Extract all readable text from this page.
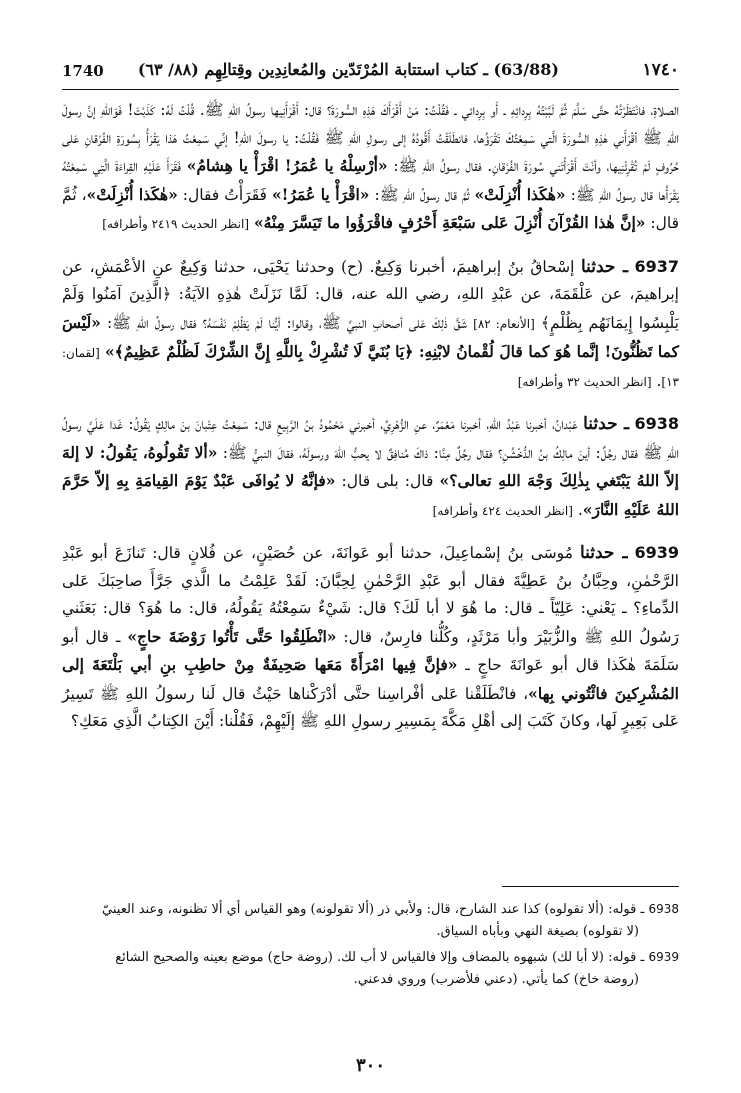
1740 (63/88) ـ كتاب استتابة المُرْتَدّين والمُعانِدِين وقِتالِهِم (٨٨/ ٦٣)	١٧٤٠

الصلاةِ، فانْتَظَرْتُهُ حتَّى سَلَّمَ ثُمَّ لَبَّبْتُهُ بِرِدائِهِ ـ أَو بِرِدائي ـ فَقُلْتُ: مَنْ أَقْرَأَكَ هَذِهِ السُّورَةَ؟ قال: أَقْرَأَنِيها رسولُ اللهِ ﷺ. قُلْتُ لَهُ: كَذَبْتَ! فَوَاللهِ إنَّ رسولَ اللهِ ﷺ أقْرَأَني هٰذِهِ السُّورَةَ الَّتي سَمِعْتُكَ تَقْرَؤُها، فانطَلَقْتُ أَقُودُهُ إلى رسولِ اللهِ ﷺ فَقُلْتُ: يا رسولَ اللهِ! إنِّي سَمِعْتُ هَذا يَقْرَأُ بِسُورَةِ الفُرْقانِ عَلى حُرُوفٍ لَمْ تُقْرِئْنِيها، وأنْتَ أَقْرَأْتَني سُورَةَ الفُرْقانِ. فقال رسولُ اللهِ ﷺ: «أرْسِلْهُ يا عُمَرُ! اقْرَأْ يا هِشامُ» فَقَرَأَ عَلَيْهِ القِراءَةَ الَّتِي سَمِعْتُهُ يَقْرَأُها قال رسولُ اللهِ ﷺ: «هٰكَذا أُنْزِلَتْ» ثُمَّ قال رسولُ اللهِ ﷺ: «اقْرَأْ يا عُمَرُ!» فَقَرَأْتُ فقال: «هٰكَذا أُنْزِلَتْ»، ثُمَّ قال: «إنَّ هٰذا القُرْآنَ أُنْزِلَ عَلى سَبْعَةِ أَحْرُفٍ فاقْرَؤُوا ما تَيَسَّرَ مِنْهُ» [انظر الحديث ٢٤١٩ وأطرافه]

6937 ـ حدثنا إسْحاقُ بنُ إبراهيمَ، أخبرنا وَكِيعٌ. (ح) وحدثنا يَحْيَى، حدثنا وَكِيعٌ عنِ الأعْمَشِ، عن إبراهيمَ، عن عَلْقَمَةَ، عن عَبْدِ اللهِ، رضي الله عنه، قال: لَمَّا نَزَلَتْ هٰذِهِ الآيَةُ: ﴿الَّذِينَ آمَنُوا وَلَمْ يَلْبِسُوا إِيمَانَهُم بِظُلْمٍ﴾ [الأنعام: ٨٢] شَقَّ ذٰلِكَ عَلى أصحابِ النبيِّ ﷺ، وقالوا: أيُّنا لَمْ يَظْلِمْ نَفْسَهُ؟ فقال رسولُ اللهِ ﷺ: «لَيْسَ كما تَظُنُّونَ! إنَّما هُوَ كما قالَ لُقْمانُ لابْنِهِ: ﴿يَا بُنَيَّ لَا تُشْرِكْ بِاللَّهِ إِنَّ الشِّرْكَ لَظُلْمٌ عَظِيمٌ﴾» [لقمان: ١٣]. [انظر الحديث ٣٢ وأطرافه]

6938 ـ حدثنا عَبْدانُ، أخبرنا عَبْدُ اللهِ، أخبرنا مَعْمَرٌ، عنِ الزُّهْرِيِّ، أخبرني مَحْمُودُ بنُ الرَّبِيعِ قال: سَمِعْتُ عِتْبانَ بنَ مالِكٍ يَقُولُ: غَدا عَلَيَّ رسولُ اللهِ ﷺ فقال رجُلٌ: أينَ مالِكُ بنُ الدُّخْشُنِ؟ فقال رجُلٌ مِنَّا: ذاكَ مُنافِقٌ لا يحبُّ اللهَ ورسولَهُ، فقالَ النبيُّ ﷺ: «ألا تَقُولُوهُ، يَقُولُ: لا إلهَ إلاّ اللهُ يَبْتَغي بِذٰلِكَ وَجْهَ اللهِ تعالى؟» قال: بلى قال: «فإنَّهُ لا يُوافَى عَبْدٌ يَوْمَ القِيامَةِ بِهِ إلاّ حَرَّمَ اللهُ عَلَيْهِ النَّارَ». [انظر الحديث ٤٢٤ وأطرافه]

6939 ـ حدثنا مُوسَى بنُ إسْماعِيلَ، حدثنا أبو عَوانَةَ، عن حُصَيْنٍ، عن فُلانٍ قال: تَنازَعَ أبو عَبْدِ الرَّحْمٰنِ، وحِبَّانُ بنُ عَطِيَّةَ فقال أبو عَبْدِ الرَّحْمٰنِ لِحِبَّانَ: لَقَدْ عَلِمْتُ ما الَّذي جَرَّأَ صاحِبَكَ عَلى الدِّماءِ؟ ـ يَعْني: عَلِيّاً ـ قال: ما هُوَ لا أبا لَكَ؟ قال: شَيْءٌ سَمِعْتُهُ يَقُولُهُ، قال: ما هُوَ؟ قال: بَعَثَني رَسُولُ اللهِ ﷺ والزُّبَيْرَ وأبا مَرْثَدٍ، وكُلُّنا فارِسٌ، قال: «انْطَلِقُوا حَتَّى تَأْتُوا رَوْضَةَ حاجٍ» ـ قال أبو سَلَمَةَ هٰكَذا قال أبو عَوانَةَ حاجٍ ـ «فإنَّ فِيها امْرَأَةً مَعَها صَحِيفَةٌ مِنْ حاطِبِ بنِ أبي بَلْتَعَةَ إلى المُشْرِكينَ فائْتُوني بِها»، فانْطَلَقْنا عَلى أفْراسِنا حتَّى أدْرَكْناها حَيْثُ قال لَنا رسولُ اللهِ ﷺ تَسِيرُ عَلى بَعِيرٍ لَها، وكانَ كَتَبَ إلى أهْلِ مَكَّةَ بِمَسِيرِ رسولِ اللهِ ﷺ إلَيْهِمْ، فَقُلْنا: أَيْنَ الكِتابُ الَّذِي مَعَكِ؟

6938 ـ قوله: (ألا تقولوه) كذا عند الشارح، قال: ولأبي ذر (ألا تقولونه) وهو القياس أي ألا تظنونه، وعند العينيّ
(لا تقولوه) بصيغة النهي وبأباه السياق.

6939 ـ قوله: (لا أبا لك) شبهوه بالمضاف وإلا فالقياس لا أب لك. (روضة حاج) موضع بعينه والصحيح الشائع
(روضة خاخ) كما يأتي. (دعني فلأضرب) وروي فدعني.

٣٠٠
